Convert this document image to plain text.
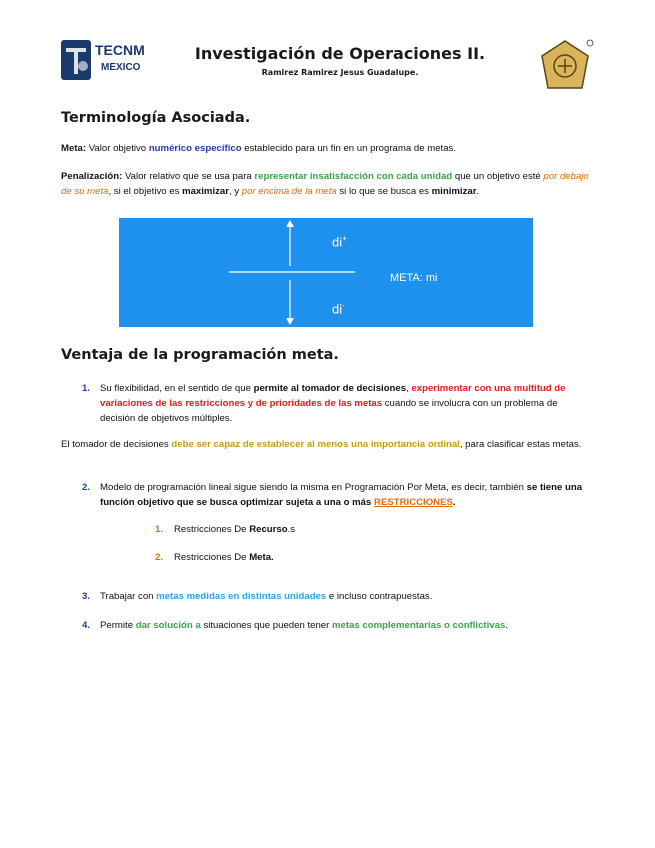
TECNM
MEXICO
Investigación de Operaciones II.
Ramirez Ramirez Jesus Guadalupe.
Terminología Asociada.
Meta: Valor objetivo numérico específico establecido para un fin en un programa de metas.
Penalización: Valor relativo que se usa para representar insatisfacción con cada unidad que un objetivo esté por debajo de su meta, si el objetivo es maximizar, y por encima de la meta si lo que se busca es minimizar.
di+
di-
META: mi
Ventaja de la programación meta.
1. Su flexibilidad, en el sentido de que permite al tomador de decisiones, experimentar con una multitud de variaciones de las restricciones y de prioridades de las metas cuando se involucra con un problema de decisión de objetivos múltiples.
El tomador de decisiones debe ser capaz de establecer al menos una importancia ordinal, para clasificar estas metas.
2. Modelo de programación lineal sigue siendo la misma en Programación Por Meta, es decir, también se tiene una función objetivo que se busca optimizar sujeta a una o más RESTRICCIONES.
1. Restricciones De Recurso.s
2. Restricciones De Meta.
3. Trabajar con metas medidas en distintas unidades e incluso contrapuestas.
4. Permite dar solución a situaciones que pueden tener metas complementarias o conflictivas.
